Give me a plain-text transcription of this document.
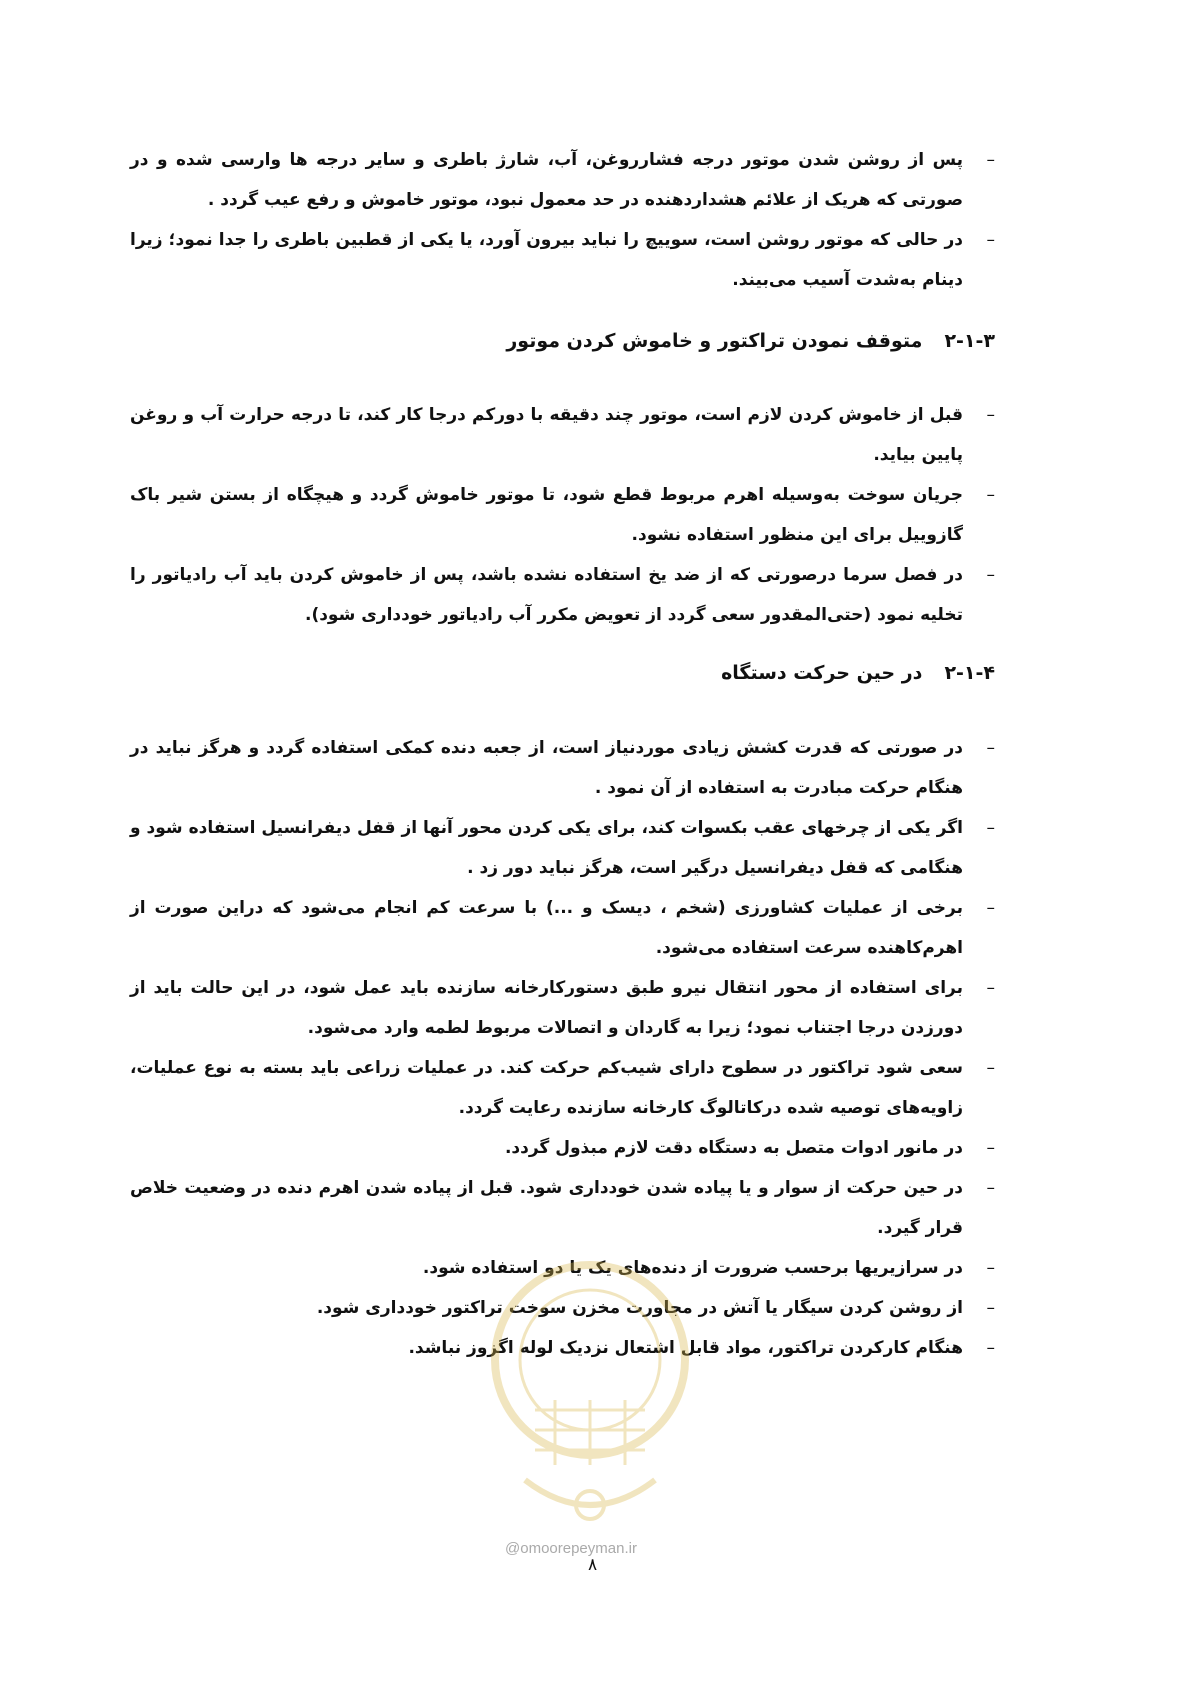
–
پس از روشن شدن موتور درجه فشارروغن، آب، شارژ باطری و سایر درجه ها وارسی شده و در صورتی که هریک از علائم هشداردهنده در حد معمول نبود، موتور خاموش و رفع عیب گردد .
–
در حالی که موتور روشن است، سوییچ را نباید بیرون آورد، یا یکی از قطبین باطری را جدا نمود؛ زیرا دینام به‌شدت آسیب می‌بیند.
۲-۱-۳متوقف نمودن تراکتور و خاموش کردن موتور
–
قبل از خاموش کردن لازم است، موتور چند دقیقه با دورکم درجا کار کند، تا درجه حرارت آب و روغن پایین بیاید.
–
جریان سوخت به‌وسیله اهرم مربوط قطع شود، تا موتور خاموش گردد و هیچگاه از بستن شیر باک گازوییل برای این منظور استفاده نشود.
–
در فصل سرما درصورتی که از ضد یخ استفاده نشده باشد، پس از خاموش کردن باید آب رادیاتور را تخلیه نمود (حتی‌المقدور سعی گردد از تعویض مکرر آب رادیاتور خودداری شود).
۲-۱-۴در حین حرکت دستگاه
–
در صورتی که قدرت کشش زیادی موردنیاز است، از جعبه دنده کمکی استفاده گردد و هرگز نباید در هنگام حرکت مبادرت به استفاده از آن نمود .
–
اگر یکی از چرخهای عقب بکسوات کند، برای یکی کردن محور آنها از قفل دیفرانسیل استفاده شود و هنگامی که قفل دیفرانسیل درگیر است، هرگز نباید دور زد .
–
برخی از عملیات کشاورزی (شخم ، دیسک و ...) با سرعت کم انجام می‌شود که دراین صورت از اهرم‌کاهنده سرعت استفاده می‌شود.
–
برای استفاده از محور انتقال نیرو طبق دستورکارخانه سازنده باید عمل شود، در این حالت باید از دورزدن درجا اجتناب نمود؛ زیرا به گاردان و اتصالات مربوط لطمه وارد می‌شود.
–
سعی شود تراکتور در سطوح دارای شیب‌کم حرکت کند. در عملیات زراعی باید بسته به نوع عملیات، زاویه‌های توصیه شده درکاتالوگ کارخانه سازنده رعایت گردد.
–
در مانور ادوات متصل به دستگاه دقت لازم مبذول گردد.
–
در حین حرکت از سوار و یا پیاده شدن خودداری شود. قبل از پیاده شدن اهرم دنده در وضعیت خلاص قرار گیرد.
–
در سرازیریها برحسب ضرورت از دنده‌های یک یا دو استفاده شود.
–
از روشن کردن سیگار یا آتش در مجاورت مخزن سوخت تراکتور خودداری شود.
–
هنگام کارکردن تراکتور، مواد قابل اشتعال نزدیک لوله اگزوز نباشد.
@omoorepeyman.ir
۸
